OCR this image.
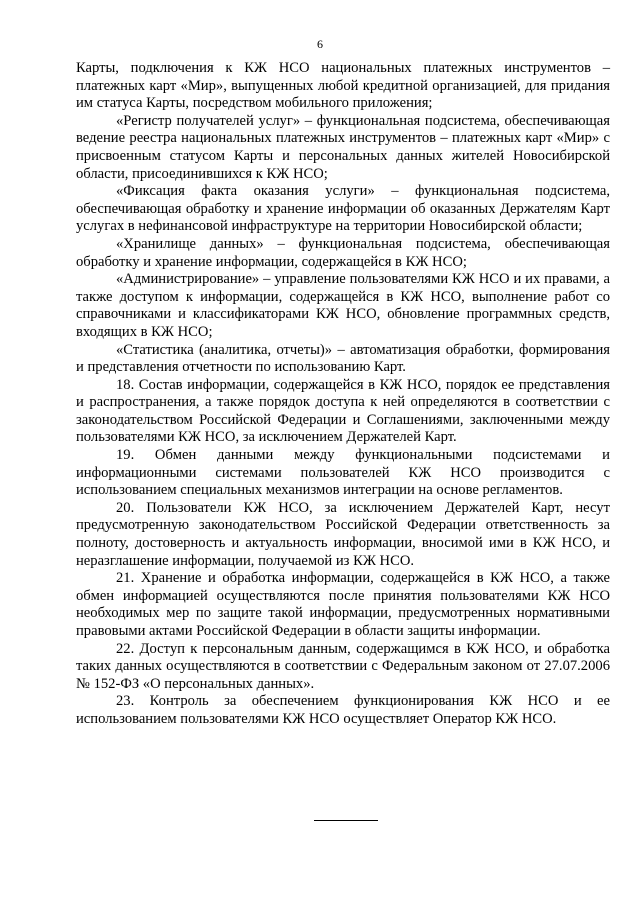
6

Карты, подключения к КЖ НСО национальных платежных инструментов – платежных карт «Мир», выпущенных любой кредитной организацией, для придания им статуса Карты, посредством мобильного приложения;

«Регистр получателей услуг» – функциональная подсистема, обеспечивающая ведение реестра национальных платежных инструментов – платежных карт «Мир» с присвоенным статусом Карты и персональных данных жителей Новосибирской области, присоединившихся к КЖ НСО;

«Фиксация факта оказания услуги» – функциональная подсистема, обеспечивающая обработку и хранение информации об оказанных Держателям Карт услугах в нефинансовой инфраструктуре на территории Новосибирской области;

«Хранилище данных» – функциональная подсистема, обеспечивающая обработку и хранение информации, содержащейся в КЖ НСО;

«Администрирование» – управление пользователями КЖ НСО и их правами, а также доступом к информации, содержащейся в КЖ НСО, выполнение работ со справочниками и классификаторами КЖ НСО, обновление программных средств, входящих в КЖ НСО;

«Статистика (аналитика, отчеты)» – автоматизация обработки, формирования и представления отчетности по использованию Карт.

18. Состав информации, содержащейся в КЖ НСО, порядок ее представления и распространения, а также порядок доступа к ней определяются в соответствии с законодательством Российской Федерации и Соглашениями, заключенными между пользователями КЖ НСО, за исключением Держателей Карт.

19. Обмен данными между функциональными подсистемами и информационными системами пользователей КЖ НСО производится с использованием специальных механизмов интеграции на основе регламентов.

20. Пользователи КЖ НСО, за исключением Держателей Карт, несут предусмотренную законодательством Российской Федерации ответственность за полноту, достоверность и актуальность информации, вносимой ими в КЖ НСО, и неразглашение информации, получаемой из КЖ НСО.

21. Хранение и обработка информации, содержащейся в КЖ НСО, а также обмен информацией осуществляются после принятия пользователями КЖ НСО необходимых мер по защите такой информации, предусмотренных нормативными правовыми актами Российской Федерации в области защиты информации.

22. Доступ к персональным данным, содержащимся в КЖ НСО, и обработка таких данных осуществляются в соответствии с Федеральным законом от 27.07.2006 № 152-ФЗ «О персональных данных».

23. Контроль за обеспечением функционирования КЖ НСО и ее использованием пользователями КЖ НСО осуществляет Оператор КЖ НСО.
